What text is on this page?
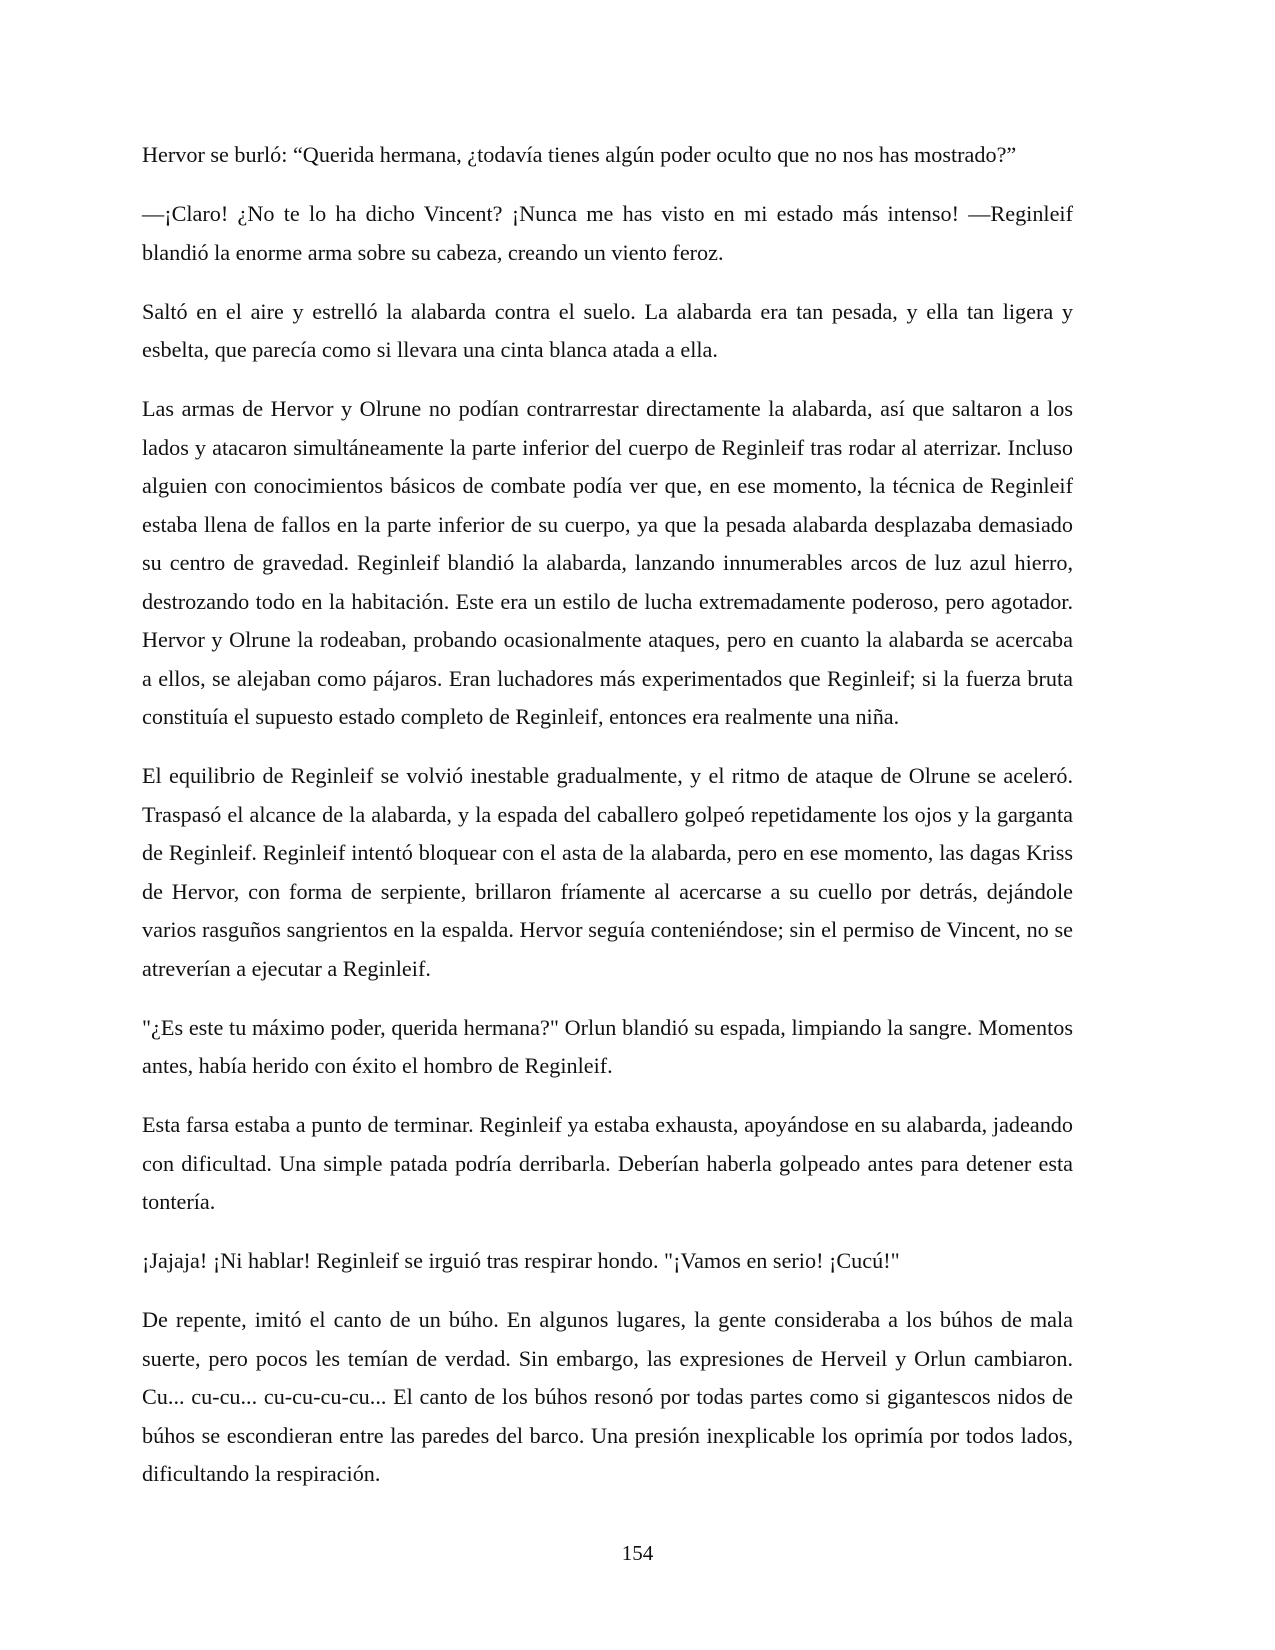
Hervor se burló: “Querida hermana, ¿todavía tienes algún poder oculto que no nos has mostrado?”

—¡Claro! ¿No te lo ha dicho Vincent? ¡Nunca me has visto en mi estado más intenso! —Reginleif blandió la enorme arma sobre su cabeza, creando un viento feroz.

Saltó en el aire y estrelló la alabarda contra el suelo. La alabarda era tan pesada, y ella tan ligera y esbelta, que parecía como si llevara una cinta blanca atada a ella.

Las armas de Hervor y Olrune no podían contrarrestar directamente la alabarda, así que saltaron a los lados y atacaron simultáneamente la parte inferior del cuerpo de Reginleif tras rodar al aterrizar. Incluso alguien con conocimientos básicos de combate podía ver que, en ese momento, la técnica de Reginleif estaba llena de fallos en la parte inferior de su cuerpo, ya que la pesada alabarda desplazaba demasiado su centro de gravedad. Reginleif blandió la alabarda, lanzando innumerables arcos de luz azul hierro, destrozando todo en la habitación. Este era un estilo de lucha extremadamente poderoso, pero agotador. Hervor y Olrune la rodeaban, probando ocasionalmente ataques, pero en cuanto la alabarda se acercaba a ellos, se alejaban como pájaros. Eran luchadores más experimentados que Reginleif; si la fuerza bruta constituía el supuesto estado completo de Reginleif, entonces era realmente una niña.

El equilibrio de Reginleif se volvió inestable gradualmente, y el ritmo de ataque de Olrune se aceleró. Traspasó el alcance de la alabarda, y la espada del caballero golpeó repetidamente los ojos y la garganta de Reginleif. Reginleif intentó bloquear con el asta de la alabarda, pero en ese momento, las dagas Kriss de Hervor, con forma de serpiente, brillaron fríamente al acercarse a su cuello por detrás, dejándole varios rasguños sangrientos en la espalda. Hervor seguía conteniéndose; sin el permiso de Vincent, no se atreverían a ejecutar a Reginleif.

"¿Es este tu máximo poder, querida hermana?" Orlun blandió su espada, limpiando la sangre. Momentos antes, había herido con éxito el hombro de Reginleif.

Esta farsa estaba a punto de terminar. Reginleif ya estaba exhausta, apoyándose en su alabarda, jadeando con dificultad. Una simple patada podría derribarla. Deberían haberla golpeado antes para detener esta tontería.

¡Jajaja! ¡Ni hablar! Reginleif se irguió tras respirar hondo. "¡Vamos en serio! ¡Cucú!"

De repente, imitó el canto de un búho. En algunos lugares, la gente consideraba a los búhos de mala suerte, pero pocos les temían de verdad. Sin embargo, las expresiones de Herveil y Orlun cambiaron. Cu... cu-cu... cu-cu-cu-cu... El canto de los búhos resonó por todas partes como si gigantescos nidos de búhos se escondieran entre las paredes del barco. Una presión inexplicable los oprimía por todos lados, dificultando la respiración.

154
